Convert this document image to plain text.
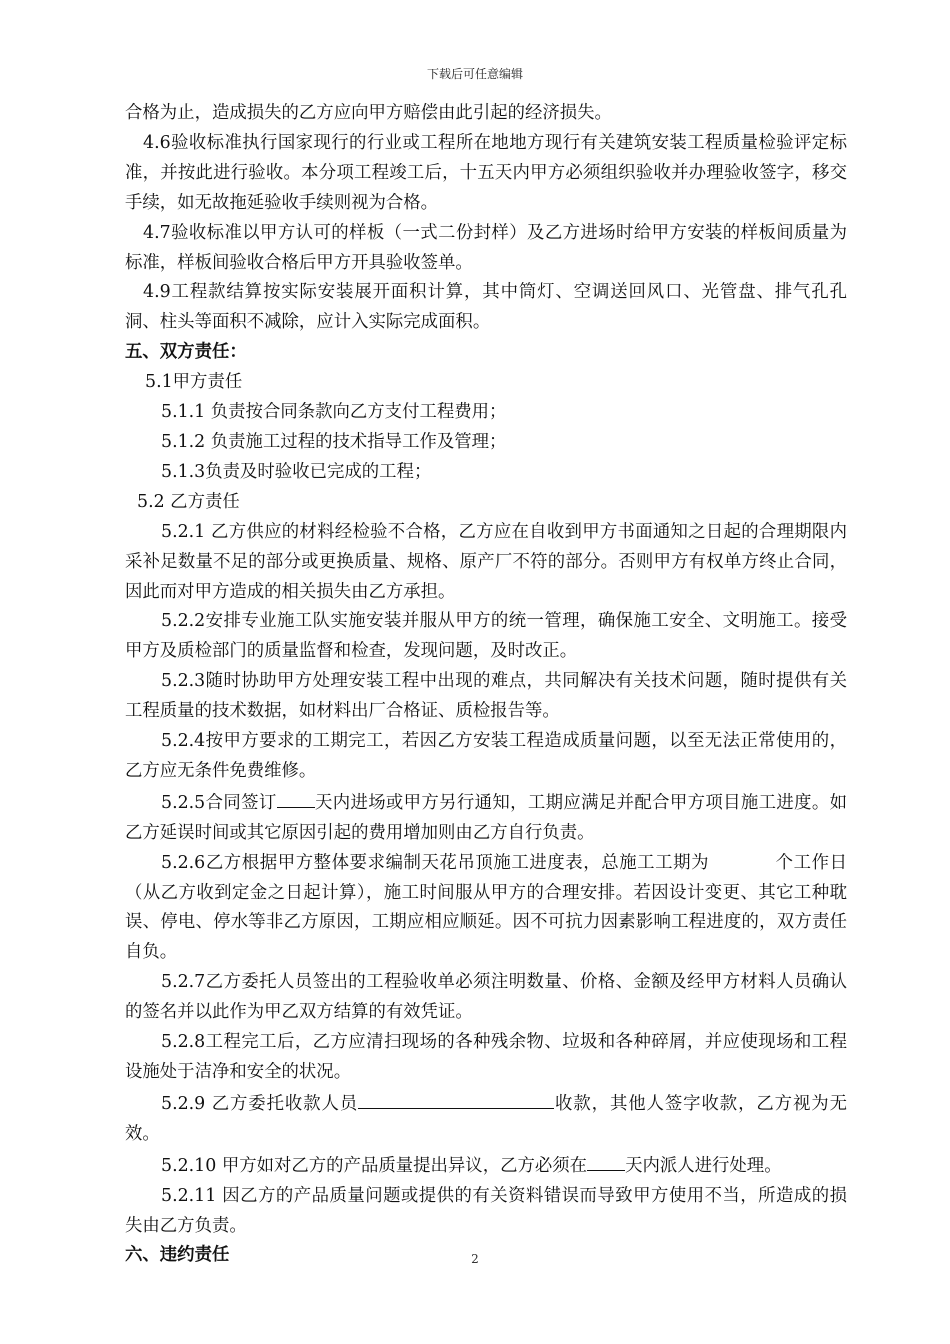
下载后可任意编辑

合格为止，造成损失的乙方应向甲方赔偿由此引起的经济损失。

4.6验收标准执行国家现行的行业或工程所在地地方现行有关建筑安装工程质量检验评定标准，并按此进行验收。本分项工程竣工后，十五天内甲方必须组织验收并办理验收签字，移交手续，如无故拖延验收手续则视为合格。

4.7验收标准以甲方认可的样板（一式二份封样）及乙方进场时给甲方安装的样板间质量为标准，样板间验收合格后甲方开具验收签单。

4.9工程款结算按实际安装展开面积计算，其中筒灯、空调送回风口、光管盘、排气孔孔洞、柱头等面积不减除，应计入实际完成面积。

五、双方责任：

5.1甲方责任

5.1.1 负责按合同条款向乙方支付工程费用；

5.1.2 负责施工过程的技术指导工作及管理；

5.1.3负责及时验收已完成的工程；

5.2 乙方责任

5.2.1 乙方供应的材料经检验不合格，乙方应在自收到甲方书面通知之日起的合理期限内采补足数量不足的部分或更换质量、规格、原产厂不符的部分。否则甲方有权单方终止合同，因此而对甲方造成的相关损失由乙方承担。

5.2.2安排专业施工队实施安装并服从甲方的统一管理，确保施工安全、文明施工。接受甲方及质检部门的质量监督和检查，发现问题，及时改正。

5.2.3随时协助甲方处理安装工程中出现的难点，共同解决有关技术问题，随时提供有关工程质量的技术数据，如材料出厂合格证、质检报告等。

5.2.4按甲方要求的工期完工，若因乙方安装工程造成质量问题，以至无法正常使用的，乙方应无条件免费维修。

5.2.5合同签订 天内进场或甲方另行通知，工期应满足并配合甲方项目施工进度。如乙方延误时间或其它原因引起的费用增加则由乙方自行负责。

5.2.6乙方根据甲方整体要求编制天花吊顶施工进度表，总施工工期为	个工作日（从乙方收到定金之日起计算），施工时间服从甲方的合理安排。若因设计变更、其它工种耽误、停电、停水等非乙方原因，工期应相应顺延。因不可抗力因素影响工程进度的，双方责任自负。

5.2.7乙方委托人员签出的工程验收单必须注明数量、价格、金额及经甲方材料人员确认的签名并以此作为甲乙双方结算的有效凭证。

5.2.8工程完工后，乙方应清扫现场的各种残余物、垃圾和各种碎屑，并应使现场和工程设施处于洁净和安全的状况。

5.2.9 乙方委托收款人员	收款，其他人签字收款，乙方视为无效。

5.2.10 甲方如对乙方的产品质量提出异议，乙方必须在 天内派人进行处理。

5.2.11 因乙方的产品质量问题或提供的有关资料错误而导致甲方使用不当，所造成的损失由乙方负责。

六、违约责任	2
